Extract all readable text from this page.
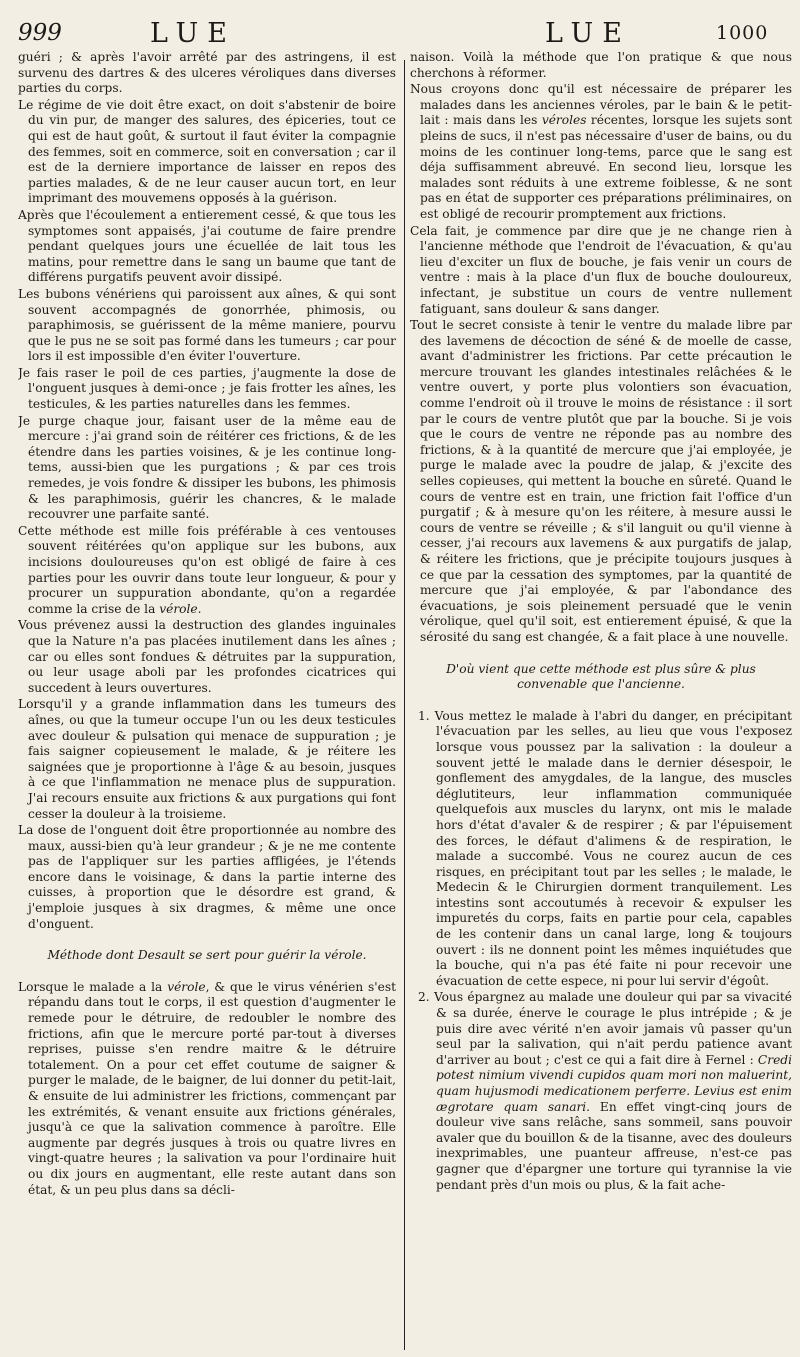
999	LUE	LUE	1000

guéri ; & après l'avoir arrêté par des astringens, il est survenu des dartres & des ulceres véroliques dans diverses parties du corps.

Le régime de vie doit être exact, on doit s'abstenir de boire du vin pur, de manger des salures, des épiceries, tout ce qui est de haut goût, & surtout il faut éviter la compagnie des femmes, soit en commerce, soit en conversation ; car il est de la derniere importance de laisser en repos des parties malades, & de ne leur causer aucun tort, en leur imprimant des mouvemens opposés à la guérison.

Après que l'écoulement a entierement cessé, & que tous les symptomes sont appaisés, j'ai coutume de faire prendre pendant quelques jours une écuellée de lait tous les matins, pour remettre dans le sang un baume que tant de différens purgatifs peuvent avoir dissipé.

Les bubons vénériens qui paroissent aux aînes, & qui sont souvent accompagnés de gonorrhée, phimosis, ou paraphimosis, se guérissent de la même maniere, pourvu que le pus ne se soit pas formé dans les tumeurs ; car pour lors il est impossible d'en éviter l'ouverture.

Je fais raser le poil de ces parties, j'augmente la dose de l'onguent jusques à demi-once ; je fais frotter les aînes, les testicules, & les parties naturelles dans les femmes.

Je purge chaque jour, faisant user de la même eau de mercure : j'ai grand soin de réitérer ces frictions, & de les étendre dans les parties voisines, & je les continue long-tems, aussi-bien que les purgations ; & par ces trois remedes, je vois fondre & dissiper les bubons, les phimosis & les paraphimosis, guérir les chancres, & le malade recouvrer une parfaite santé.

Cette méthode est mille fois préférable à ces ventouses souvent réitérées qu'on applique sur les bubons, aux incisions douloureuses qu'on est obligé de faire à ces parties pour les ouvrir dans toute leur longueur, & pour y procurer un suppuration abondante, qu'on a regardée comme la crise de la vérole.

Vous prévenez aussi la destruction des glandes inguinales que la Nature n'a pas placées inutilement dans les aînes ; car ou elles sont fondues & détruites par la suppuration, ou leur usage aboli par les profondes cicatrices qui succedent à leurs ouvertures.

Lorsqu'il y a grande inflammation dans les tumeurs des aînes, ou que la tumeur occupe l'un ou les deux testicules avec douleur & pulsation qui menace de suppuration ; je fais saigner copieusement le malade, & je réitere les saignées que je proportionne à l'âge & au besoin, jusques à ce que l'inflammation ne menace plus de suppuration. J'ai recours ensuite aux frictions & aux purgations qui font cesser la douleur à la troisieme.

La dose de l'onguent doit être proportionnée au nombre des maux, aussi-bien qu'à leur grandeur ; & je ne me contente pas de l'appliquer sur les parties affligées, je l'étends encore dans le voisinage, & dans la partie interne des cuisses, à proportion que le désordre est grand, & j'emploie jusques à six dragmes, & même une once d'onguent.

Méthode dont Desault se sert pour guérir la vérole.

Lorsque le malade a la vérole, & que le virus vénérien s'est répandu dans tout le corps, il est question d'augmenter le remede pour le détruire, de redoubler le nombre des frictions, afin que le mercure porté par-tout à diverses reprises, puisse s'en rendre maitre & le détruire totalement. On a pour cet effet coutume de saigner & purger le malade, de le baigner, de lui donner du petit-lait, & ensuite de lui administrer les frictions, commençant par les extrémités, & venant ensuite aux frictions générales, jusqu'à ce que la salivation commence à paroître. Elle augmente par degrés jusques à trois ou quatre livres en vingt-quatre heures ; la salivation va pour l'ordinaire huit ou dix jours en augmentant, elle reste autant dans son état, & un peu plus dans sa décli-

naison. Voilà la méthode que l'on pratique & que nous cherchons à réformer.

Nous croyons donc qu'il est nécessaire de préparer les malades dans les anciennes véroles, par le bain & le petit-lait : mais dans les véroles récentes, lorsque les sujets sont pleins de sucs, il n'est pas nécessaire d'user de bains, ou du moins de les continuer long-tems, parce que le sang est déja suffisamment abreuvé. En second lieu, lorsque les malades sont réduits à une extreme foiblesse, & ne sont pas en état de supporter ces préparations préliminaires, on est obligé de recourir promptement aux frictions.

Cela fait, je commence par dire que je ne change rien à l'ancienne méthode que l'endroit de l'évacuation, & qu'au lieu d'exciter un flux de bouche, je fais venir un cours de ventre : mais à la place d'un flux de bouche douloureux, infectant, je substitue un cours de ventre nullement fatiguant, sans douleur & sans danger.

Tout le secret consiste à tenir le ventre du malade libre par des lavemens de décoction de séné & de moelle de casse, avant d'administrer les frictions. Par cette précaution le mercure trouvant les glandes intestinales relâchées & le ventre ouvert, y porte plus volontiers son évacuation, comme l'endroit où il trouve le moins de résistance : il sort par le cours de ventre plutôt que par la bouche. Si je vois que le cours de ventre ne réponde pas au nombre des frictions, & à la quantité de mercure que j'ai employée, je purge le malade avec la poudre de jalap, & j'excite des selles copieuses, qui mettent la bouche en sûreté. Quand le cours de ventre est en train, une friction fait l'office d'un purgatif ; & à mesure qu'on les réitere, à mesure aussi le cours de ventre se réveille ; & s'il languit ou qu'il vienne à cesser, j'ai recours aux lavemens & aux purgatifs de jalap, & réitere les frictions, que je précipite toujours jusques à ce que par la cessation des symptomes, par la quantité de mercure que j'ai employée, & par l'abondance des évacuations, je sois pleinement persuadé que le venin vérolique, quel qu'il soit, est entierement épuisé, & que la sérosité du sang est changée, & a fait place à une nouvelle.

D'où vient que cette méthode est plus sûre & plus convenable que l'ancienne.

1. Vous mettez le malade à l'abri du danger, en précipitant l'évacuation par les selles, au lieu que vous l'exposez lorsque vous poussez par la salivation : la douleur a souvent jetté le malade dans le dernier désespoir, le gonflement des amygdales, de la langue, des muscles déglutiteurs, leur inflammation communiquée quelquefois aux muscles du larynx, ont mis le malade hors d'état d'avaler & de respirer ; & par l'épuisement des forces, le défaut d'alimens & de respiration, le malade a succombé. Vous ne courez aucun de ces risques, en précipitant tout par les selles ; le malade, le Medecin & le Chirurgien dorment tranquilement. Les intestins sont accoutumés à recevoir & expulser les impuretés du corps, faits en partie pour cela, capables de les contenir dans un canal large, long & toujours ouvert : ils ne donnent point les mêmes inquiétudes que la bouche, qui n'a pas été faite ni pour recevoir une évacuation de cette espece, ni pour lui servir d'égoût.

2. Vous épargnez au malade une douleur qui par sa vivacité & sa durée, énerve le courage le plus intrépide ; & je puis dire avec vérité n'en avoir jamais vû passer qu'un seul par la salivation, qui n'ait perdu patience avant d'arriver au bout ; c'est ce qui a fait dire à Fernel : Credi potest nimium vivendi cupidos quam mori non maluerint, quam hujusmodi medicationem perferre. Levius est enim ægrotare quam sanari. En effet vingt-cinq jours de douleur vive sans relâche, sans sommeil, sans pouvoir avaler que du bouillon & de la tisanne, avec des douleurs inexprimables, une puanteur affreuse, n'est-ce pas gagner que d'épargner une torture qui tyrannise la vie pendant près d'un mois ou plus, & la fait ache-
